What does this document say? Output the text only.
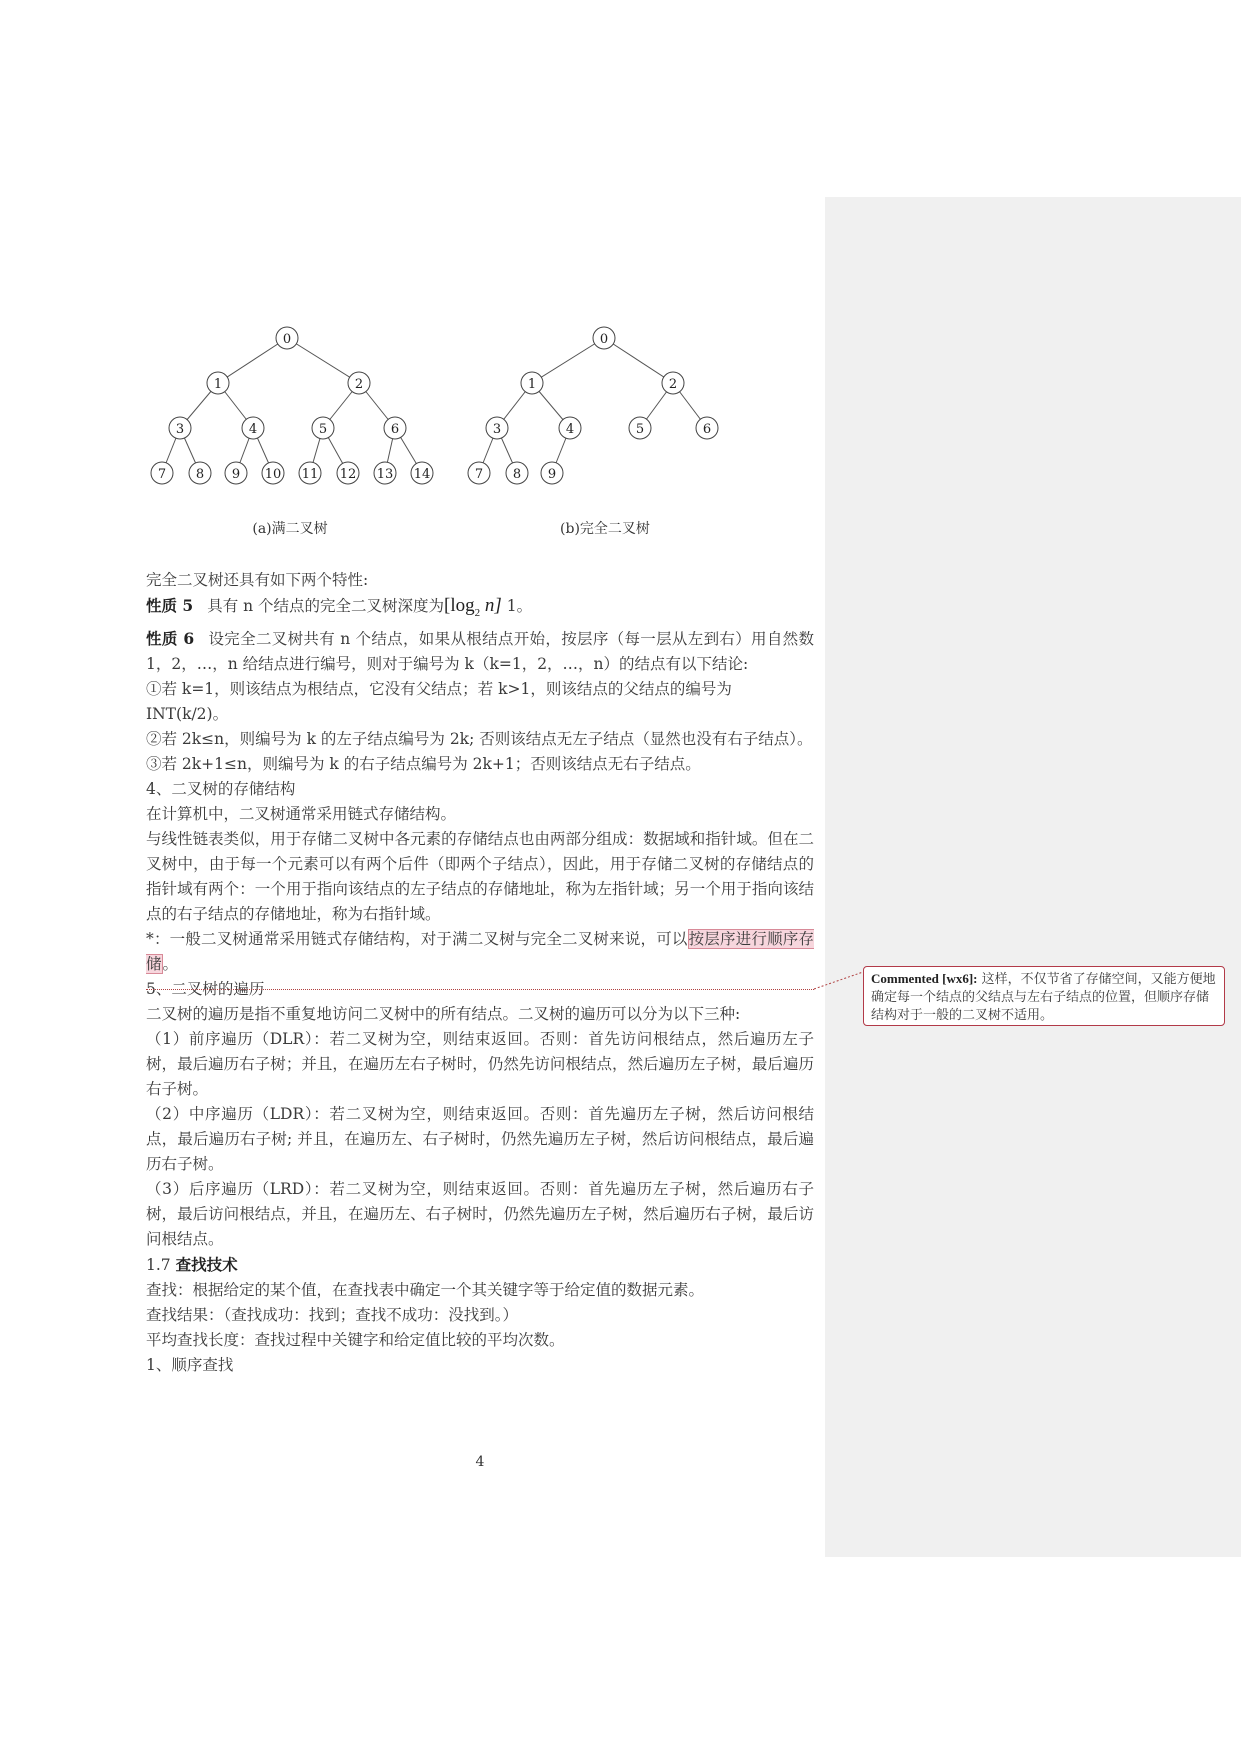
0
1	2
3	4	5	6
7 8 9 10 11 12 13 14
0
1	2
3	4	5	6
7 8 9
(a)满二叉树	(b)完全二叉树

完全二叉树还具有如下两个特性:

性质 5 具有 n 个结点的完全二叉树深度为[$\log_2$ n] 1。

性质 6 设完全二叉树共有 n 个结点，如果从根结点开始，按层序（每一层从左到右）用自然数 1，2，…，n 给结点进行编号，则对于编号为 k（k=1，2，…，n）的结点有以下结论:

①若 k=1，则该结点为根结点，它没有父结点；若 k>1，则该结点的父结点的编号为

INT(k/2)。

②若 2k≤n，则编号为 k 的左子结点编号为 2k; 否则该结点无左子结点（显然也没有右子结点）。

③若 2k+1≤n，则编号为 k 的右子结点编号为 2k+1；否则该结点无右子结点。

4、二叉树的存储结构

在计算机中，二叉树通常采用链式存储结构。

与线性链表类似，用于存储二叉树中各元素的存储结点也由两部分组成：数据域和指针域。但在二叉树中，由于每一个元素可以有两个后件（即两个子结点），因此，用于存储二叉树的存储结点的指针域有两个：一个用于指向该结点的左子结点的存储地址，称为左指针域；另一个用于指向该结点的右子结点的存储地址，称为右指针域。

*：一般二叉树通常采用链式存储结构，对于满二叉树与完全二叉树来说，可以按层序进行顺序存储。

5、二叉树的遍历

二叉树的遍历是指不重复地访问二叉树中的所有结点。二叉树的遍历可以分为以下三种:

（1）前序遍历（DLR）：若二叉树为空，则结束返回。否则：首先访问根结点，然后遍历左子树，最后遍历右子树；并且，在遍历左右子树时，仍然先访问根结点，然后遍历左子树，最后遍历右子树。

（2）中序遍历（LDR）：若二叉树为空，则结束返回。否则：首先遍历左子树，然后访问根结点，最后遍历右子树; 并且，在遍历左、右子树时，仍然先遍历左子树，然后访问根结点，最后遍历右子树。

（3）后序遍历（LRD）：若二叉树为空，则结束返回。否则：首先遍历左子树，然后遍历右子树，最后访问根结点，并且，在遍历左、右子树时，仍然先遍历左子树，然后遍历右子树，最后访问根结点。

1.7 查找技术

查找：根据给定的某个值，在查找表中确定一个其关键字等于给定值的数据元素。

查找结果：（查找成功：找到；查找不成功：没找到。）

平均查找长度：查找过程中关键字和给定值比较的平均次数。

1、顺序查找

Commented [wx6]: 这样，不仅节省了存储空间，又能方便地确定每一个结点的父结点与左右子结点的位置，但顺序存储结构对于一般的二叉树不适用。
4
